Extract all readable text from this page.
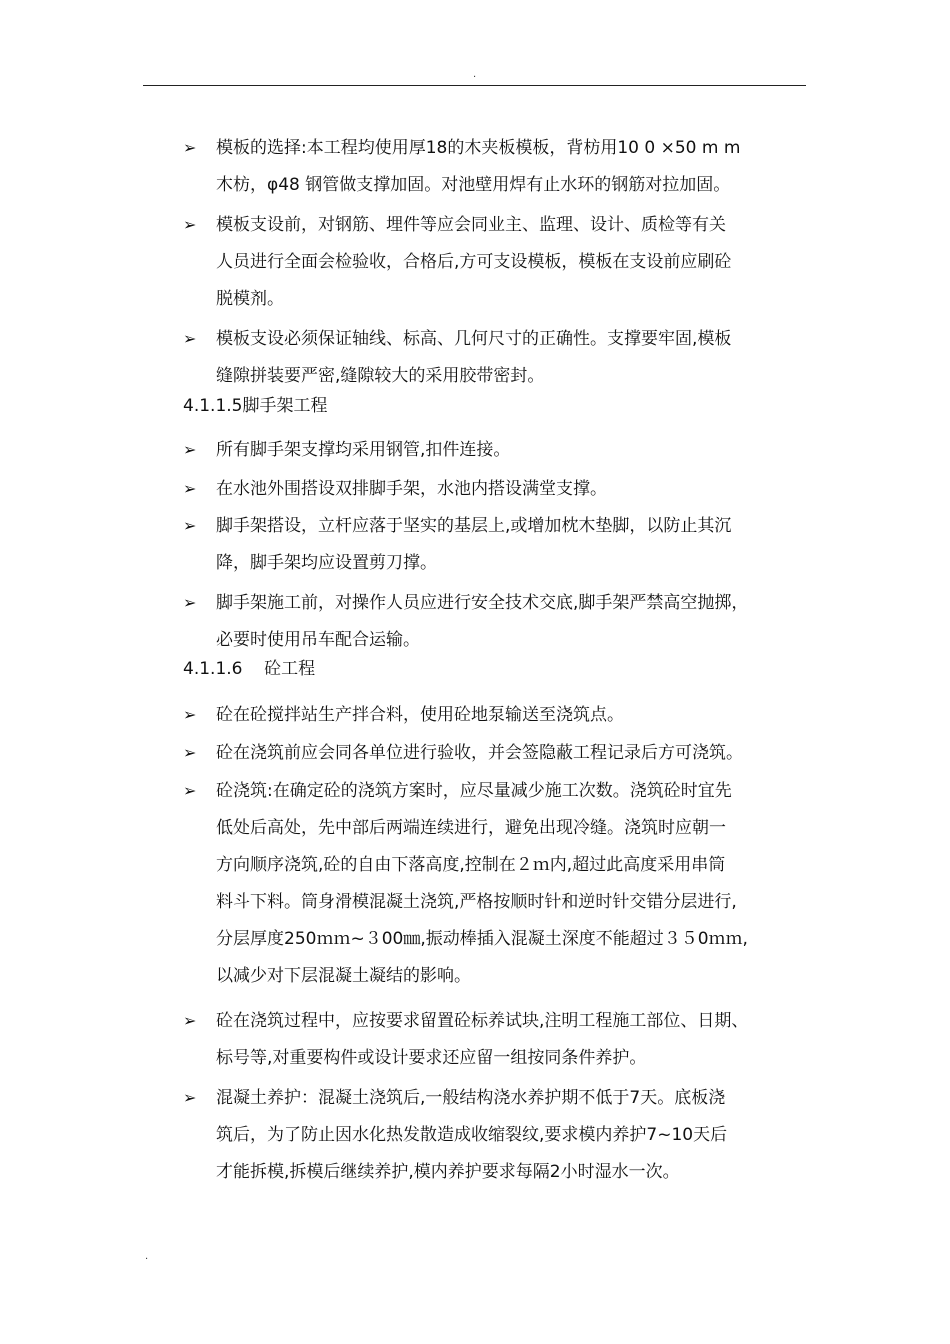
.
➢ 模板的选择:本工程均使用厚18的木夹板模板，背枋用10 0 ×50 m m
木枋，φ48 钢管做支撑加固。对池壁用焊有止水环的钢筋对拉加固。
➢ 模板支设前，对钢筋、埋件等应会同业主、监理、设计、质检等有关
人员进行全面会检验收，合格后,方可支设模板，模板在支设前应刷砼
脱模剂。
➢ 模板支设必须保证轴线、标高、几何尺寸的正确性。支撑要牢固,模板
缝隙拼装要严密,缝隙较大的采用胶带密封。
4.1.1.5脚手架工程
➢ 所有脚手架支撑均采用钢管,扣件连接。
➢ 在水池外围搭设双排脚手架，水池内搭设满堂支撑。
➢ 脚手架搭设，立杆应落于坚实的基层上,或增加枕木垫脚，以防止其沉
降，脚手架均应设置剪刀撑。
➢ 脚手架施工前，对操作人员应进行安全技术交底,脚手架严禁高空抛掷，
必要时使用吊车配合运输。
4.1.1.6    砼工程
➢ 砼在砼搅拌站生产拌合料，使用砼地泵输送至浇筑点。
➢ 砼在浇筑前应会同各单位进行验收，并会签隐蔽工程记录后方可浇筑。
➢ 砼浇筑:在确定砼的浇筑方案时，应尽量减少施工次数。浇筑砼时宜先
低处后高处，先中部后两端连续进行，避免出现冷缝。浇筑时应朝一
方向顺序浇筑,砼的自由下落高度,控制在２ｍ内,超过此高度采用串筒
料斗下料。筒身滑模混凝土浇筑,严格按顺时针和逆时针交错分层进行,
分层厚度250ｍｍ~３00㎜,振动棒插入混凝土深度不能超过３５0ｍｍ,
以减少对下层混凝土凝结的影响。
➢ 砼在浇筑过程中，应按要求留置砼标养试块,注明工程施工部位、日期、
标号等,对重要构件或设计要求还应留一组按同条件养护。
➢ 混凝土养护：混凝土浇筑后,一般结构浇水养护期不低于7天。底板浇
筑后，为了防止因水化热发散造成收缩裂纹,要求模内养护7~10天后
才能拆模,拆模后继续养护,模内养护要求每隔2小时湿水一次。
.
